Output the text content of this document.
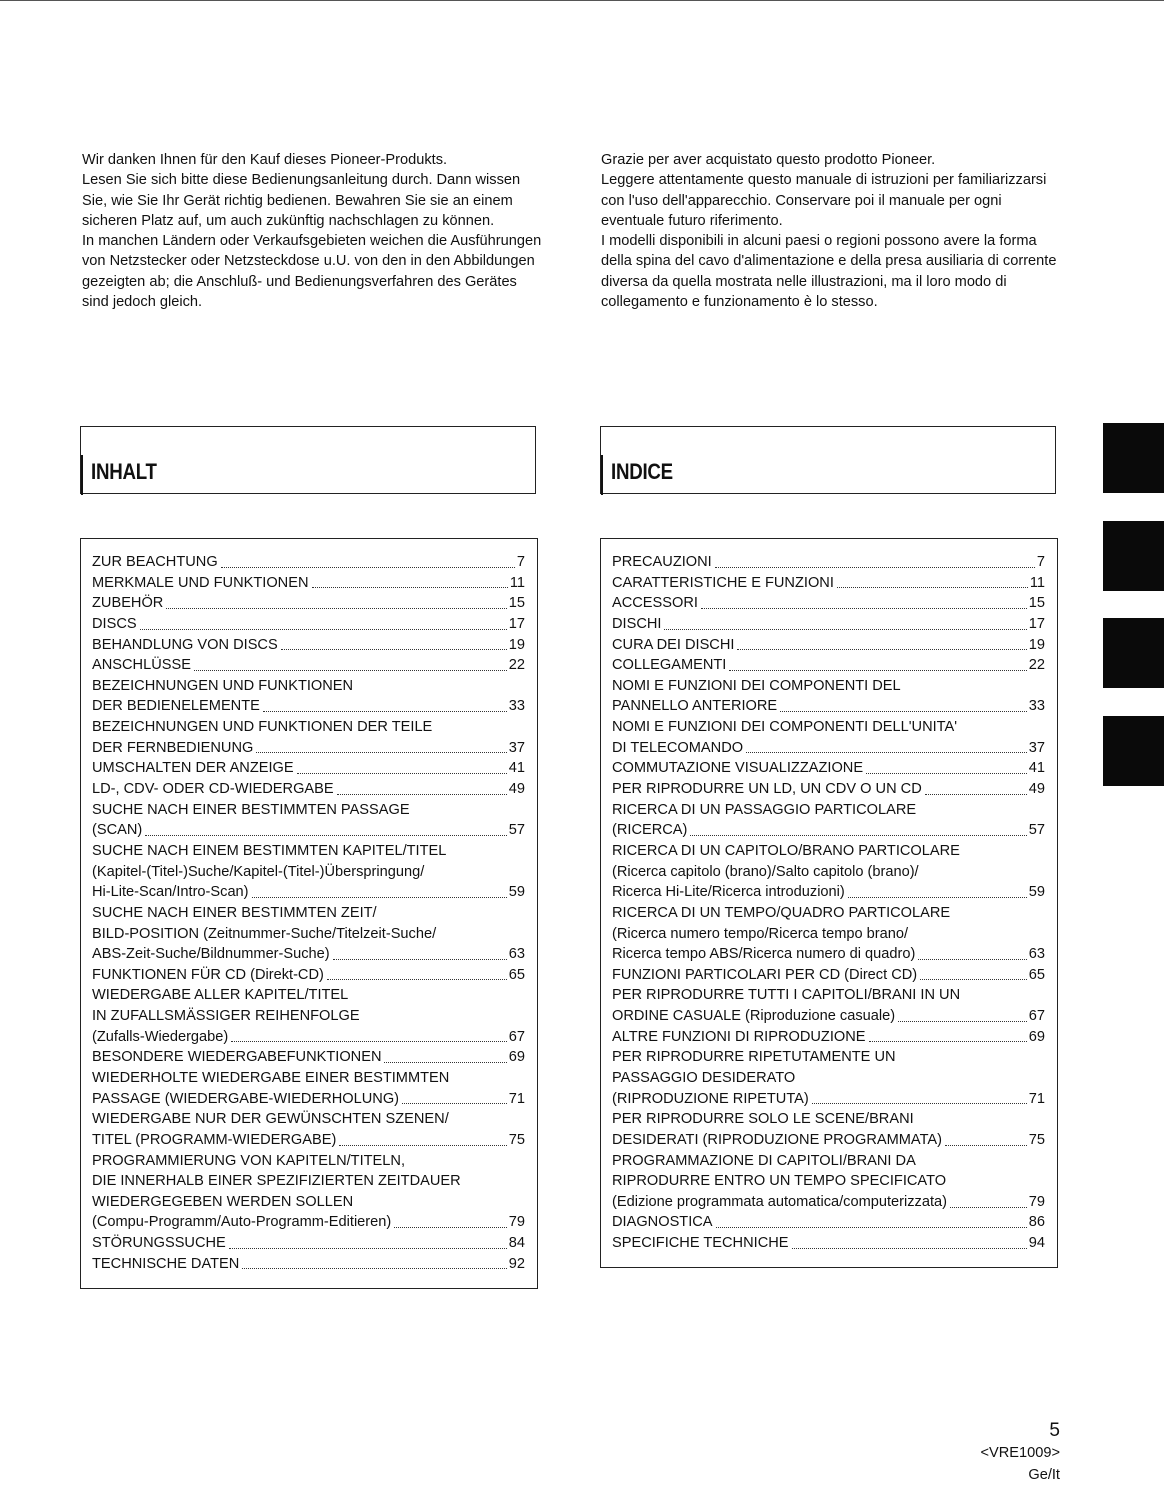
Wir danken Ihnen für den Kauf dieses Pioneer-Produkts.

Lesen Sie sich bitte diese Bedienungsanleitung durch. Dann wissen Sie, wie Sie Ihr Gerät richtig bedienen. Bewahren Sie sie an einem sicheren Platz auf, um auch zukünftig nachschlagen zu können.

In manchen Ländern oder Verkaufsgebieten weichen die Ausführungen von Netzstecker oder Netzsteckdose u.U. von den in den Abbildungen gezeigten ab; die Anschluß- und Bedienungsverfahren des Gerätes sind jedoch gleich.

Grazie per aver acquistato questo prodotto Pioneer.

Leggere attentamente questo manuale di istruzioni per familiarizzarsi con l'uso dell'apparecchio. Conservare poi il manuale per ogni eventuale futuro riferimento.

I modelli disponibili in alcuni paesi o regioni possono avere la forma della spina del cavo d'alimentazione e della presa ausiliaria di corrente diversa da quella mostrata nelle illustrazioni, ma il loro modo di collegamento e funzionamento è lo stesso.

INHALT	INDICE
ZUR BEACHTUNG	7
MERKMALE UND FUNKTIONEN	11
ZUBEHÖR	15
DISCS	17
BEHANDLUNG VON DISCS	19
ANSCHLÜSSE	22
BEZEICHNUNGEN UND FUNKTIONEN
DER BEDIENELEMENTE	33
BEZEICHNUNGEN UND FUNKTIONEN DER TEILE
DER FERNBEDIENUNG	37
UMSCHALTEN DER ANZEIGE	41
LD-, CDV- ODER CD-WIEDERGABE	49
SUCHE NACH EINER BESTIMMTEN PASSAGE
(SCAN)	57
SUCHE NACH EINEM BESTIMMTEN KAPITEL/TITEL
(Kapitel-(Titel-)Suche/Kapitel-(Titel-)Überspringung/
Hi-Lite-Scan/Intro-Scan)	59
SUCHE NACH EINER BESTIMMTEN ZEIT/
BILD-POSITION (Zeitnummer-Suche/Titelzeit-Suche/
ABS-Zeit-Suche/Bildnummer-Suche)	63
FUNKTIONEN FÜR CD (Direkt-CD)	65
WIEDERGABE ALLER KAPITEL/TITEL
IN ZUFALLSMÄSSIGER REIHENFOLGE
(Zufalls-Wiedergabe)	67
BESONDERE WIEDERGABEFUNKTIONEN	69
WIEDERHOLTE WIEDERGABE EINER BESTIMMTEN
PASSAGE (WIEDERGABE-WIEDERHOLUNG)	71
WIEDERGABE NUR DER GEWÜNSCHTEN SZENEN/
TITEL (PROGRAMM-WIEDERGABE)	75
PROGRAMMIERUNG VON KAPITELN/TITELN,
DIE INNERHALB EINER SPEZIFIZIERTEN ZEITDAUER
WIEDERGEGEBEN WERDEN SOLLEN
(Compu-Programm/Auto-Programm-Editieren)	79
STÖRUNGSSUCHE	84
TECHNISCHE DATEN	92
PRECAUZIONI	7
CARATTERISTICHE E FUNZIONI	11
ACCESSORI	15
DISCHI	17
CURA DEI DISCHI	19
COLLEGAMENTI	22
NOMI E FUNZIONI DEI COMPONENTI DEL
PANNELLO ANTERIORE	33
NOMI E FUNZIONI DEI COMPONENTI DELL'UNITA'
DI TELECOMANDO	37
COMMUTAZIONE VISUALIZZAZIONE	41
PER RIPRODURRE UN LD, UN CDV O UN CD	49
RICERCA DI UN PASSAGGIO PARTICOLARE
(RICERCA)	57
RICERCA DI UN CAPITOLO/BRANO PARTICOLARE
(Ricerca capitolo (brano)/Salto capitolo (brano)/
Ricerca Hi-Lite/Ricerca introduzioni)	59
RICERCA DI UN TEMPO/QUADRO PARTICOLARE
(Ricerca numero tempo/Ricerca tempo brano/
Ricerca tempo ABS/Ricerca numero di quadro)	63
FUNZIONI PARTICOLARI PER CD (Direct CD)	65
PER RIPRODURRE TUTTI I CAPITOLI/BRANI IN UN
ORDINE CASUALE (Riproduzione casuale)	67
ALTRE FUNZIONI DI RIPRODUZIONE	69
PER RIPRODURRE RIPETUTAMENTE UN
PASSAGGIO DESIDERATO
(RIPRODUZIONE RIPETUTA)	71
PER RIPRODURRE SOLO LE SCENE/BRANI
DESIDERATI (RIPRODUZIONE PROGRAMMATA)	75
PROGRAMMAZIONE DI CAPITOLI/BRANI DA
RIPRODURRE ENTRO UN TEMPO SPECIFICATO
(Edizione programmata automatica/computerizzata)	79
DIAGNOSTICA	86
SPECIFICHE TECHNICHE	94
5
<VRE1009>
Ge/It
